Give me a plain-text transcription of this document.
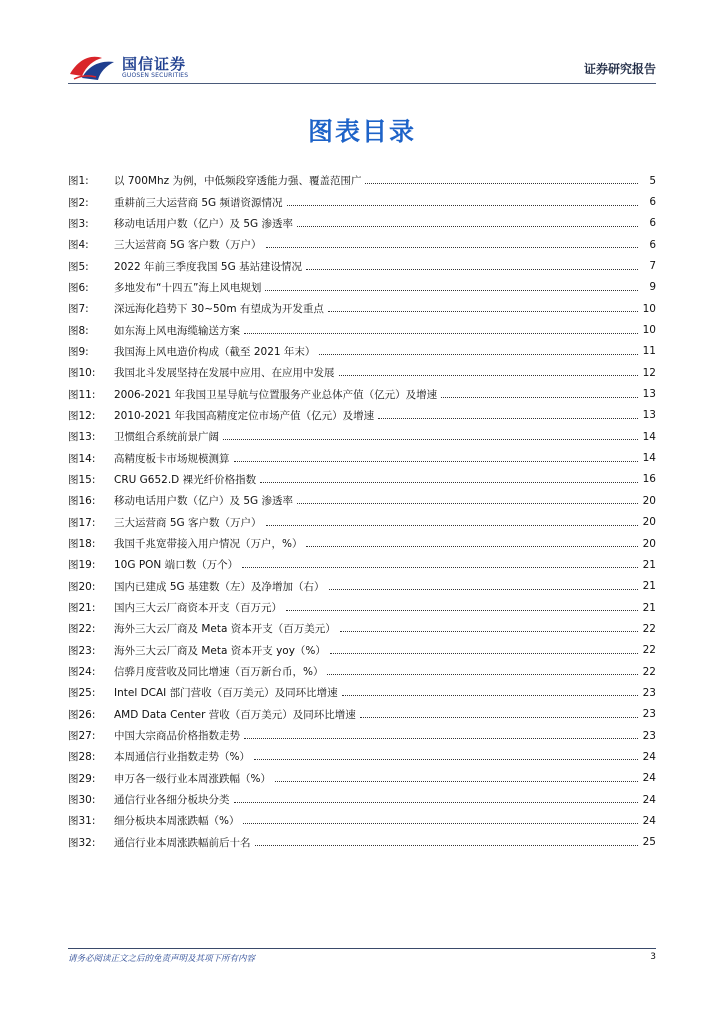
国信证券
GUOSEN SECURITIES	证券研究报告
图表目录
图1:	以 700Mhz 为例，中低频段穿透能力强、覆盖范围广	5
图2:	重耕前三大运营商 5G 频谱资源情况	6
图3:	移动电话用户数（亿户）及 5G 渗透率	6
图4:	三大运营商 5G 客户数（万户）	6
图5:	2022 年前三季度我国 5G 基站建设情况	7
图6:	多地发布“十四五”海上风电规划	9
图7:	深远海化趋势下 30~50m 有望成为开发重点	10
图8:	如东海上风电海缆输送方案	10
图9:	我国海上风电造价构成（截至 2021 年末）	11
图10:	我国北斗发展坚持在发展中应用、在应用中发展	12
图11:	2006-2021 年我国卫星导航与位置服务产业总体产值（亿元）及增速	13
图12:	2010-2021 年我国高精度定位市场产值（亿元）及增速	13
图13:	卫惯组合系统前景广阔	14
图14:	高精度板卡市场规模测算	14
图15:	CRU G652.D 裸光纤价格指数	16
图16:	移动电话用户数（亿户）及 5G 渗透率	20
图17:	三大运营商 5G 客户数（万户）	20
图18:	我国千兆宽带接入用户情况（万户，%）	20
图19:	10G PON 端口数（万个）	21
图20:	国内已建成 5G 基建数（左）及净增加（右）	21
图21:	国内三大云厂商资本开支（百万元）	21
图22:	海外三大云厂商及 Meta 资本开支（百万美元）	22
图23:	海外三大云厂商及 Meta 资本开支 yoy（%）	22
图24:	信骅月度营收及同比增速（百万新台币，%）	22
图25:	Intel DCAI 部门营收（百万美元）及同环比增速	23
图26:	AMD Data Center 营收（百万美元）及同环比增速	23
图27:	中国大宗商品价格指数走势	23
图28:	本周通信行业指数走势（%）	24
图29:	申万各一级行业本周涨跌幅（%）	24
图30:	通信行业各细分板块分类	24
图31:	细分板块本周涨跌幅（%）	24
图32:	通信行业本周涨跌幅前后十名	25
请务必阅读正文之后的免责声明及其项下所有内容	3
